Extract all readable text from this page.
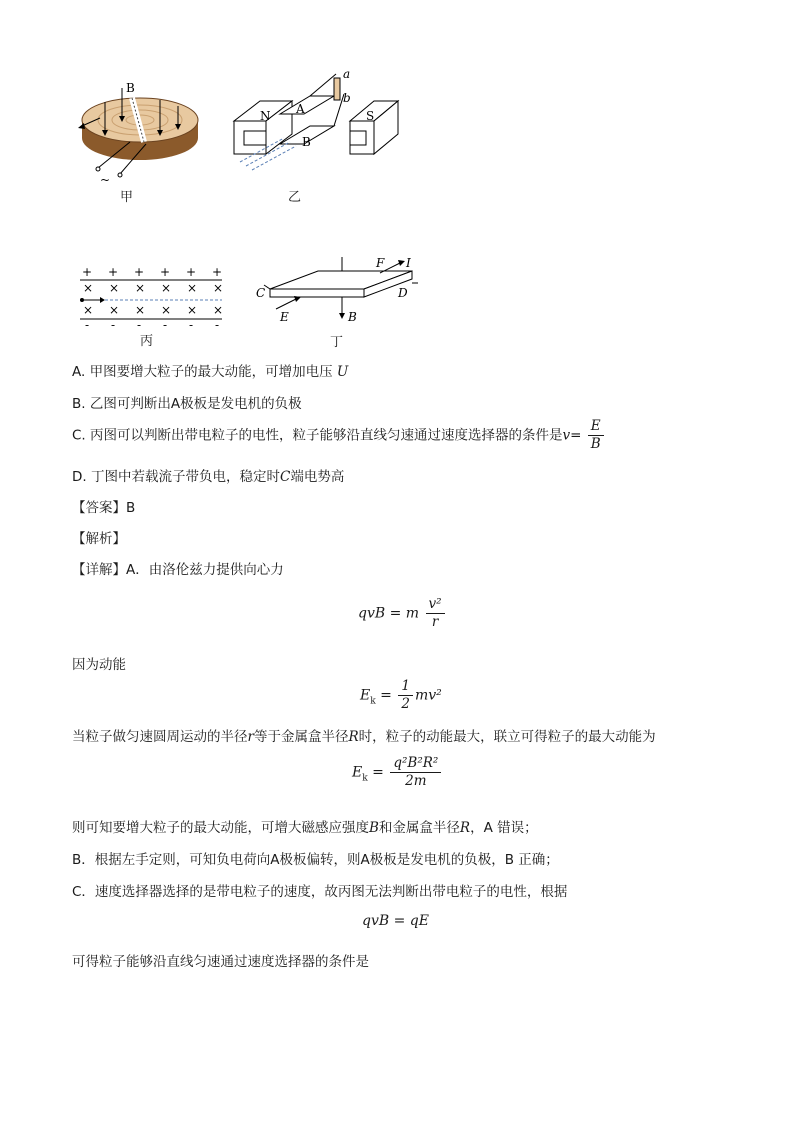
B
~
甲
N	S
A
B
a
b
乙
+ + + + + +
× × × × × ×
× × × × × ×
- - - - - -
丙
F I
C	D
E	B
丁
A. 甲图要增大粒子的最大动能，可增加电压 U
B. 乙图可判断出A极板是发电机的负极
C. 丙图可以判断出带电粒子的电性，粒子能够沿直线匀速通过速度选择器的条件是$v= \frac{E}{B}$
D. 丁图中若载流子带负电，稳定时C端电势高
【答案】B
【解析】
【详解】A．由洛伦兹力提供向心力
qvB = m $\frac{\text{v²}}{r}$
因为动能
$E_k = \frac{1}{2} mv^2$
当粒子做匀速圆周运动的半径r等于金属盒半径R时，粒子的动能最大，联立可得粒子的最大动能为
$E_k = \frac{\text{q²B²R²}}{2m}$
则可知要增大粒子的最大动能，可增大磁感应强度B和金属盒半径R，A 错误；
B．根据左手定则，可知负电荷向A极板偏转，则A极板是发电机的负极，B 正确；
C．速度选择器选择的是带电粒子的速度，故丙图无法判断出带电粒子的电性，根据
qvB = qE
可得粒子能够沿直线匀速通过速度选择器的条件是
